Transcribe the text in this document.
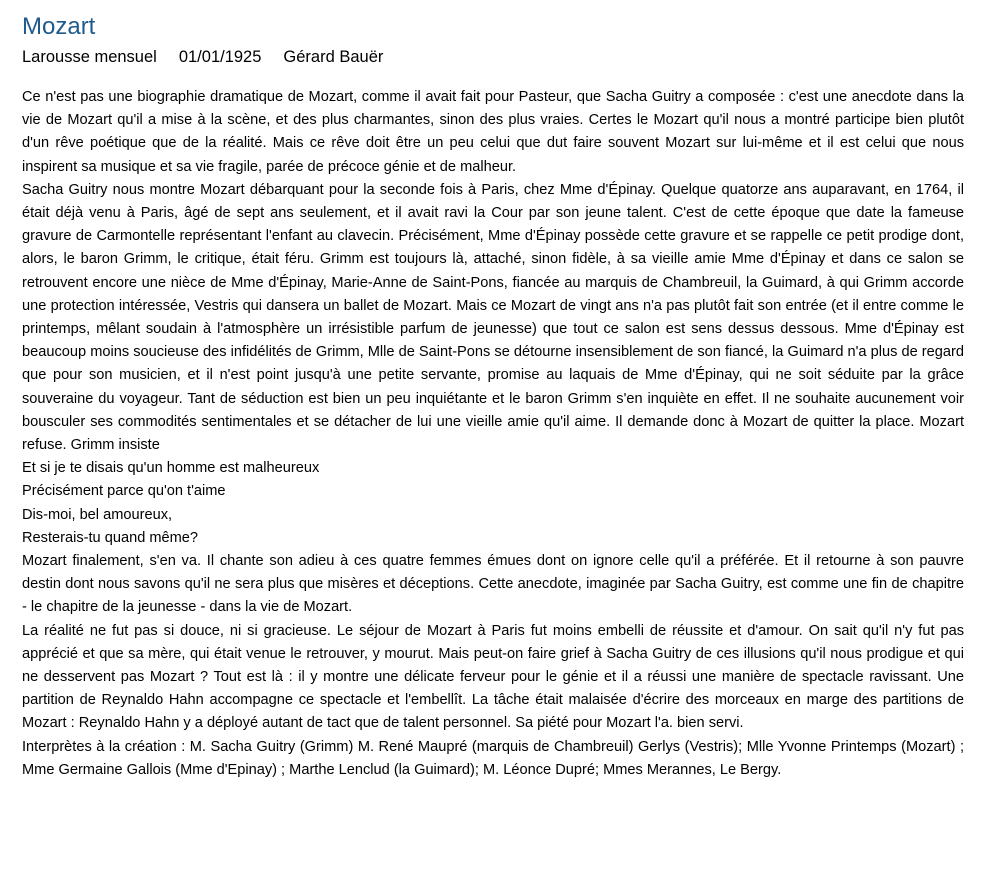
Mozart
Larousse mensuel 01/01/1925 Gérard Bauër

Ce n'est pas une biographie dramatique de Mozart, comme il avait fait pour Pasteur, que Sacha Guitry a composée : c'est une anecdote dans la vie de Mozart qu'il a mise à la scène, et des plus charmantes, sinon des plus vraies. Certes le Mozart qu'il nous a montré participe bien plutôt d'un rêve poétique que de la réalité. Mais ce rêve doit être un peu celui que dut faire souvent Mozart sur lui-même et il est celui que nous inspirent sa musique et sa vie fragile, parée de précoce génie et de malheur.

Sacha Guitry nous montre Mozart débarquant pour la seconde fois à Paris, chez Mme d'Épinay. Quelque quatorze ans auparavant, en 1764, il était déjà venu à Paris, âgé de sept ans seulement, et il avait ravi la Cour par son jeune talent. C'est de cette époque que date la fameuse gravure de Carmontelle représentant l'enfant au clavecin. Précisément, Mme d'Épinay possède cette gravure et se rappelle ce petit prodige dont, alors, le baron Grimm, le critique, était féru. Grimm est toujours là, attaché, sinon fidèle, à sa vieille amie Mme d'Épinay et dans ce salon se retrouvent encore une nièce de Mme d'Épinay, Marie-Anne de Saint-Pons, fiancée au marquis de Chambreuil, la Guimard, à qui Grimm accorde une protection intéressée, Vestris qui dansera un ballet de Mozart. Mais ce Mozart de vingt ans n'a pas plutôt fait son entrée (et il entre comme le printemps, mêlant soudain à l'atmosphère un irrésistible parfum de jeunesse) que tout ce salon est sens dessus dessous. Mme d'Épinay est beaucoup moins soucieuse des infidélités de Grimm, Mlle de Saint-Pons se détourne insensiblement de son fiancé, la Guimard n'a plus de regard que pour son musicien, et il n'est point jusqu'à une petite servante, promise au laquais de Mme d'Épinay, qui ne soit séduite par la grâce souveraine du voyageur. Tant de séduction est bien un peu inquiétante et le baron Grimm s'en inquiète en effet. Il ne souhaite aucunement voir bousculer ses commodités sentimentales et se détacher de lui une vieille amie qu'il aime. Il demande donc à Mozart de quitter la place. Mozart refuse. Grimm insiste

Et si je te disais qu'un homme est malheureux

Précisément parce qu'on t'aime

Dis-moi, bel amoureux,

Resterais-tu quand même?

Mozart finalement, s'en va. Il chante son adieu à ces quatre femmes émues dont on ignore celle qu'il a préférée. Et il retourne à son pauvre destin dont nous savons qu'il ne sera plus que misères et déceptions. Cette anecdote, imaginée par Sacha Guitry, est comme une fin de chapitre - le chapitre de la jeunesse - dans la vie de Mozart.

La réalité ne fut pas si douce, ni si gracieuse. Le séjour de Mozart à Paris fut moins embelli de réussite et d'amour. On sait qu'il n'y fut pas apprécié et que sa mère, qui était venue le retrouver, y mourut. Mais peut-on faire grief à Sacha Guitry de ces illusions qu'il nous prodigue et qui ne desservent pas Mozart ? Tout est là : il y montre une délicate ferveur pour le génie et il a réussi une manière de spectacle ravissant. Une partition de Reynaldo Hahn accompagne ce spectacle et l'embellît. La tâche était malaisée d'écrire des morceaux en marge des partitions de Mozart : Reynaldo Hahn y a déployé autant de tact que de talent personnel. Sa piété pour Mozart l'a. bien servi.

Interprètes à la création : M. Sacha Guitry (Grimm) M. René Maupré (marquis de Chambreuil) Gerlys (Vestris); Mlle Yvonne Printemps (Mozart) ; Mme Germaine Gallois (Mme d'Epinay) ; Marthe Lenclud (la Guimard); M. Léonce Dupré; Mmes Merannes, Le Bergy.
